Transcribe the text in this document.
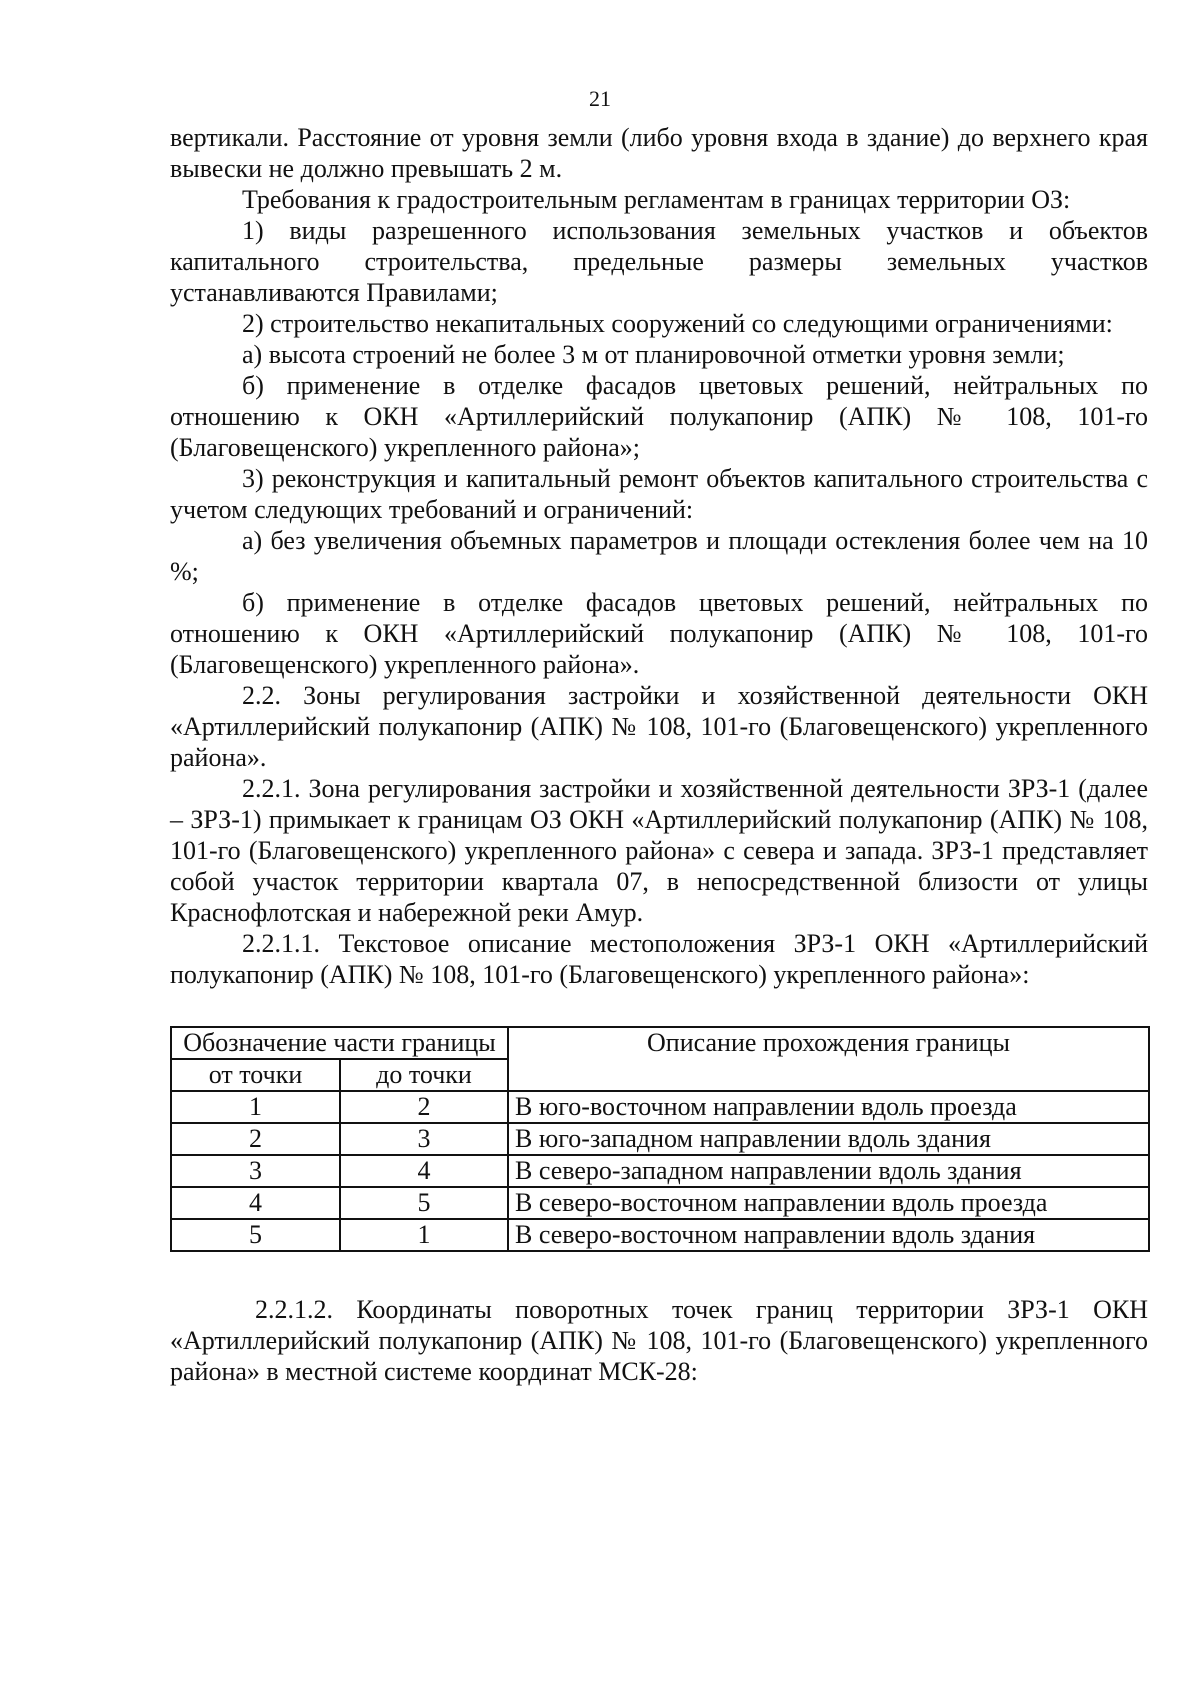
21

вертикали. Расстояние от уровня земли (либо уровня входа в здание) до верхнего края вывески не должно превышать 2 м.

Требования к градостроительным регламентам в границах территории ОЗ:

1) виды разрешенного использования земельных участков и объектов капитального строительства, предельные размеры земельных участков устанавливаются Правилами;

2) строительство некапитальных сооружений со следующими ограничениями:

а) высота строений не более 3 м от планировочной отметки уровня земли;

б) применение в отделке фасадов цветовых решений, нейтральных по отношению к ОКН «Артиллерийский полукапонир (АПК) № 108, 101-го (Благовещенского) укрепленного района»;

3) реконструкция и капитальный ремонт объектов капитального строительства с учетом следующих требований и ограничений:

а) без увеличения объемных параметров и площади остекления более чем на 10 %;

б) применение в отделке фасадов цветовых решений, нейтральных по отношению к ОКН «Артиллерийский полукапонир (АПК) № 108, 101-го (Благовещенского) укрепленного района».

2.2. Зоны регулирования застройки и хозяйственной деятельности ОКН «Артиллерийский полукапонир (АПК) № 108, 101-го (Благовещенского) укрепленного района».

2.2.1. Зона регулирования застройки и хозяйственной деятельности ЗРЗ-1 (далее – ЗРЗ-1) примыкает к границам ОЗ ОКН «Артиллерийский полукапонир (АПК) № 108, 101-го (Благовещенского) укрепленного района» с севера и запада. ЗРЗ-1 представляет собой участок территории квартала 07, в непосредственной близости от улицы Краснофлотская и набережной реки Амур.

2.2.1.1. Текстовое описание местоположения ЗРЗ-1 ОКН «Артиллерийский полукапонир (АПК) № 108, 101-го (Благовещенского) укрепленного района»:

Обозначение части границы		Описание прохождения границы
от точки	до точки	
1	2	В юго-восточном направлении вдоль проезда
2	3	В юго-западном направлении вдоль здания
3	4	В северо-западном направлении вдоль здания
4	5	В северо-восточном направлении вдоль проезда
5	1	В северо-восточном направлении вдоль здания

2.2.1.2. Координаты поворотных точек границ территории ЗРЗ-1 ОКН «Артиллерийский полукапонир (АПК) № 108, 101-го (Благовещенского) укрепленного района» в местной системе координат МСК-28:
